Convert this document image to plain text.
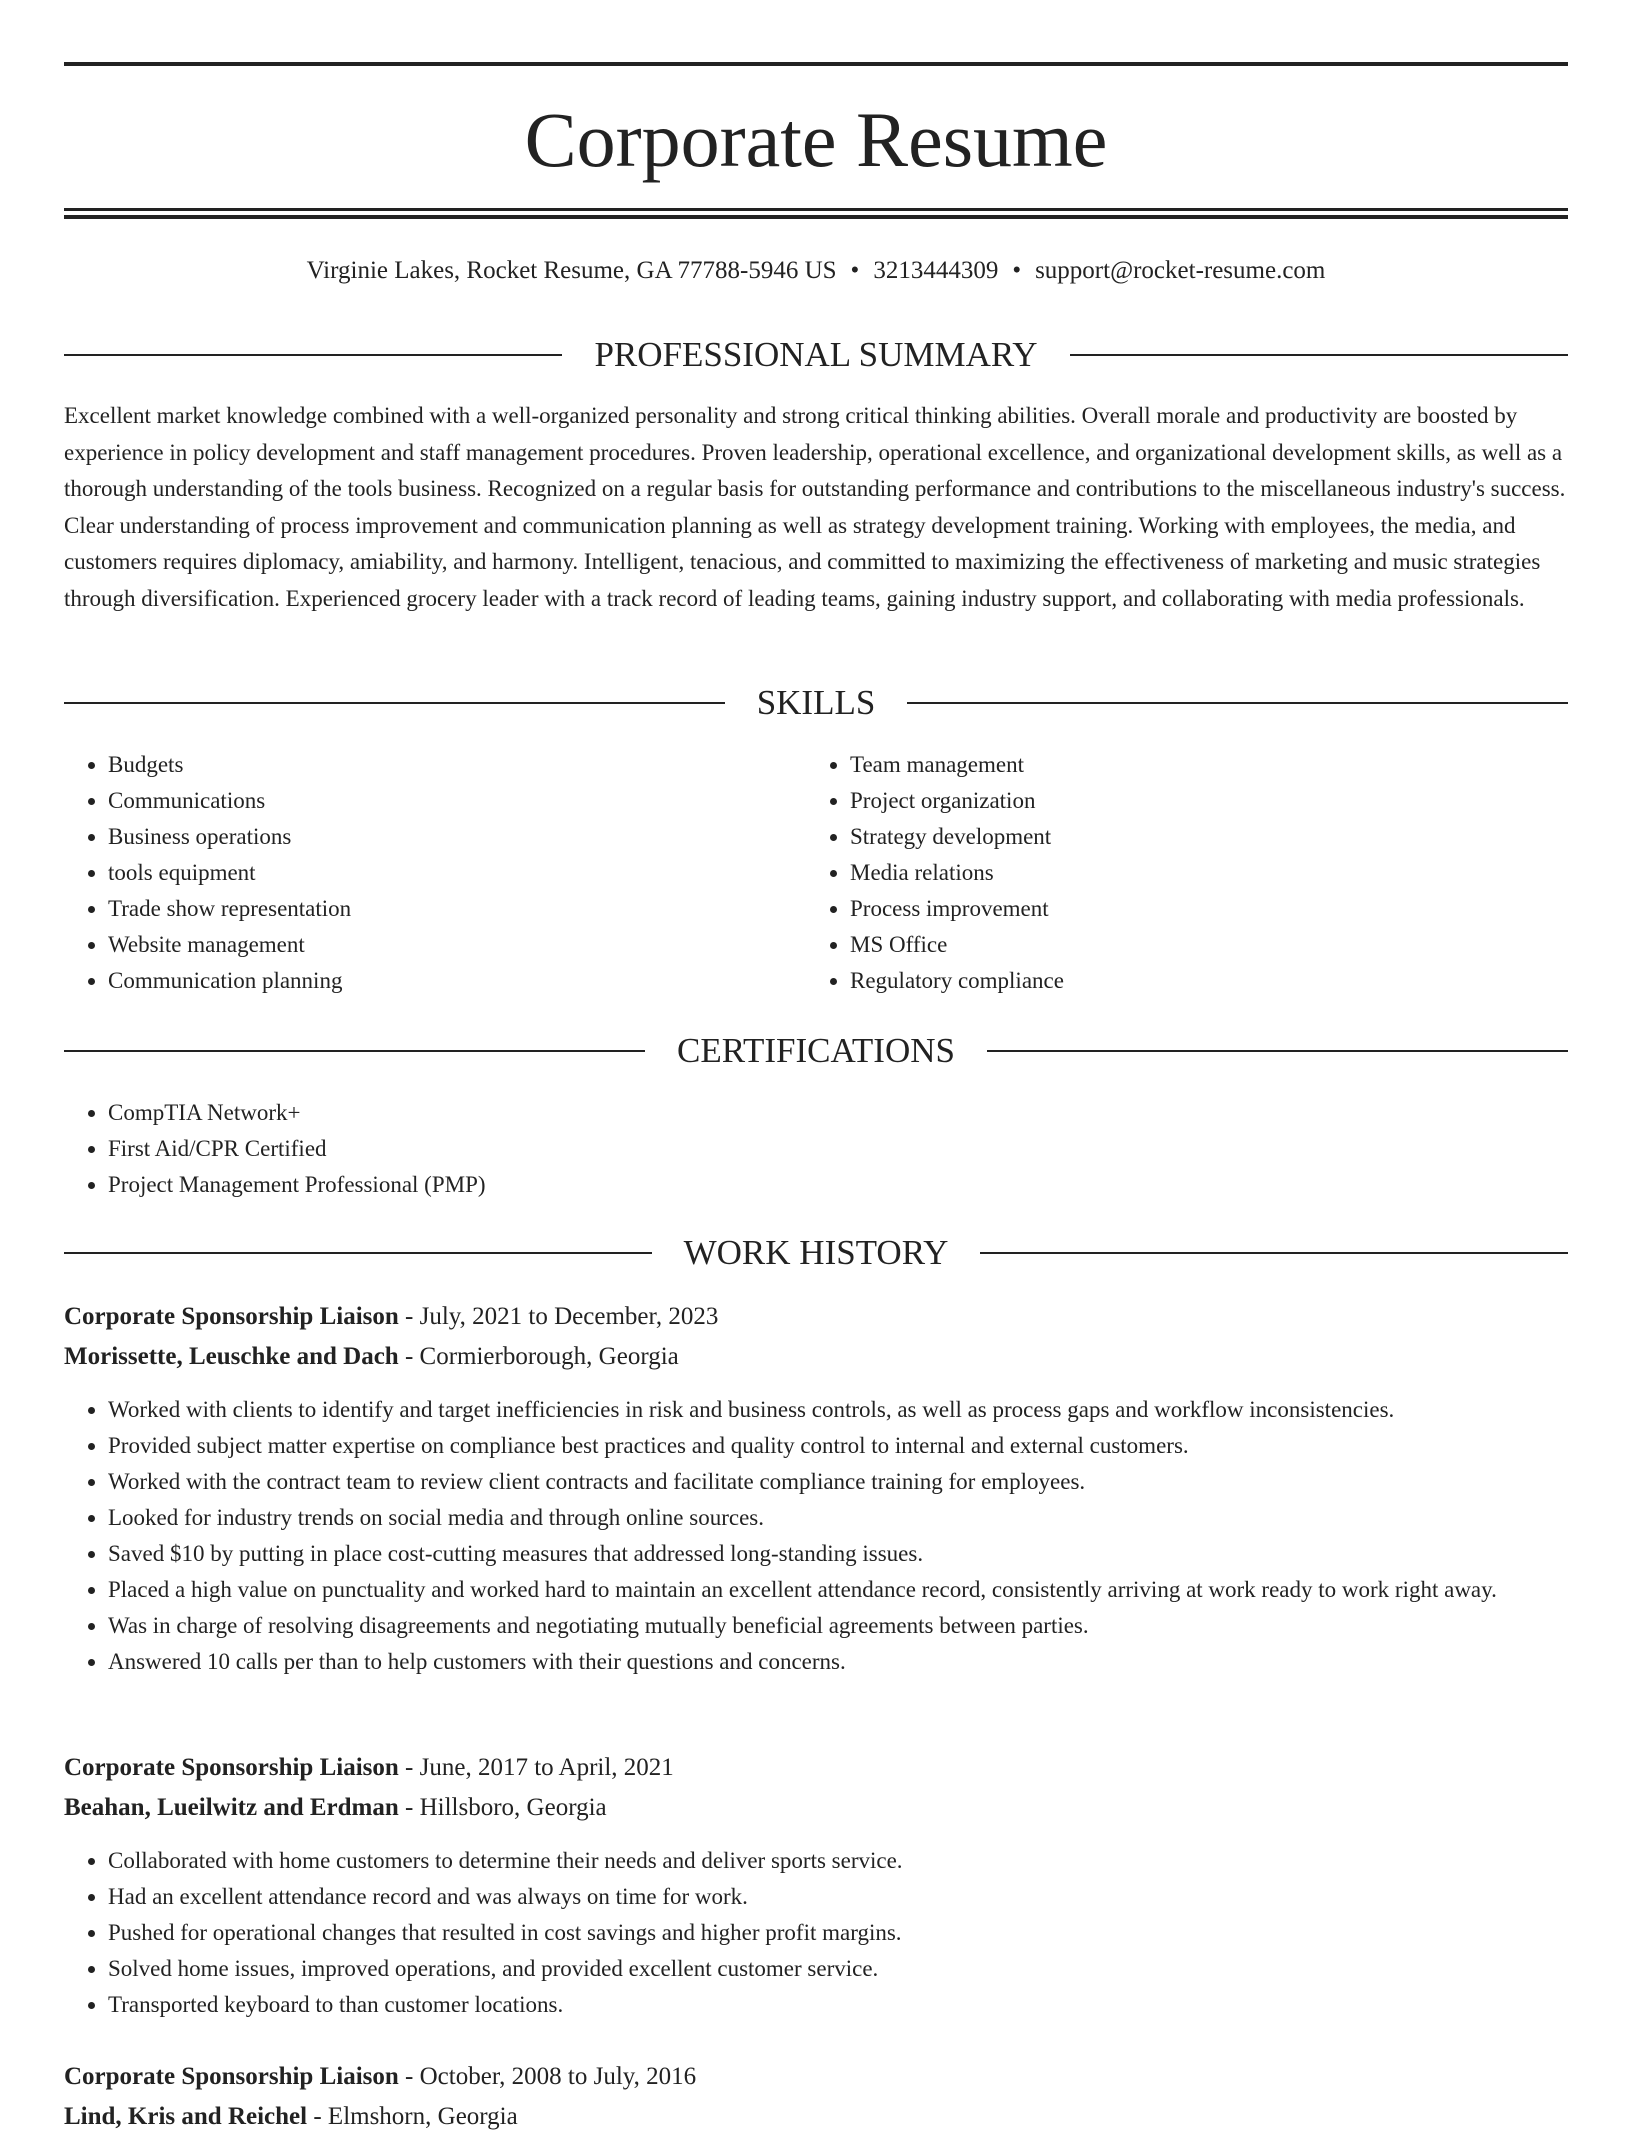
Corporate Resume
Virginie Lakes, Rocket Resume, GA 77788-5946 US • 3213444309 • support@rocket-resume.com
PROFESSIONAL SUMMARY

Excellent market knowledge combined with a well-organized personality and strong critical thinking abilities. Overall morale and productivity are boosted by experience in policy development and staff management procedures. Proven leadership, operational excellence, and organizational development skills, as well as a thorough understanding of the tools business. Recognized on a regular basis for outstanding performance and contributions to the miscellaneous industry's success. Clear understanding of process improvement and communication planning as well as strategy development training. Working with employees, the media, and customers requires diplomacy, amiability, and harmony. Intelligent, tenacious, and committed to maximizing the effectiveness of marketing and music strategies through diversification. Experienced grocery leader with a track record of leading teams, gaining industry support, and collaborating with media professionals.

SKILLS
• Budgets
• Communications
• Business operations
• tools equipment
• Trade show representation
• Website management
• Communication planning
• Team management
• Project organization
• Strategy development
• Media relations
• Process improvement
• MS Office
• Regulatory compliance
CERTIFICATIONS
• CompTIA Network+
• First Aid/CPR Certified
• Project Management Professional (PMP)
WORK HISTORY
Corporate Sponsorship Liaison - July, 2021 to December, 2023
Morissette, Leuschke and Dach - Cormierborough, Georgia
• Worked with clients to identify and target inefficiencies in risk and business controls, as well as process gaps and workflow inconsistencies.
• Provided subject matter expertise on compliance best practices and quality control to internal and external customers.
• Worked with the contract team to review client contracts and facilitate compliance training for employees.
• Looked for industry trends on social media and through online sources.
• Saved $10 by putting in place cost-cutting measures that addressed long-standing issues.
• Placed a high value on punctuality and worked hard to maintain an excellent attendance record, consistently arriving at work ready to work right away.
• Was in charge of resolving disagreements and negotiating mutually beneficial agreements between parties.
• Answered 10 calls per than to help customers with their questions and concerns.
Corporate Sponsorship Liaison - June, 2017 to April, 2021
Beahan, Lueilwitz and Erdman - Hillsboro, Georgia
• Collaborated with home customers to determine their needs and deliver sports service.
• Had an excellent attendance record and was always on time for work.
• Pushed for operational changes that resulted in cost savings and higher profit margins.
• Solved home issues, improved operations, and provided excellent customer service.
• Transported keyboard to than customer locations.
Corporate Sponsorship Liaison - October, 2008 to July, 2016
Lind, Kris and Reichel - Elmshorn, Georgia
